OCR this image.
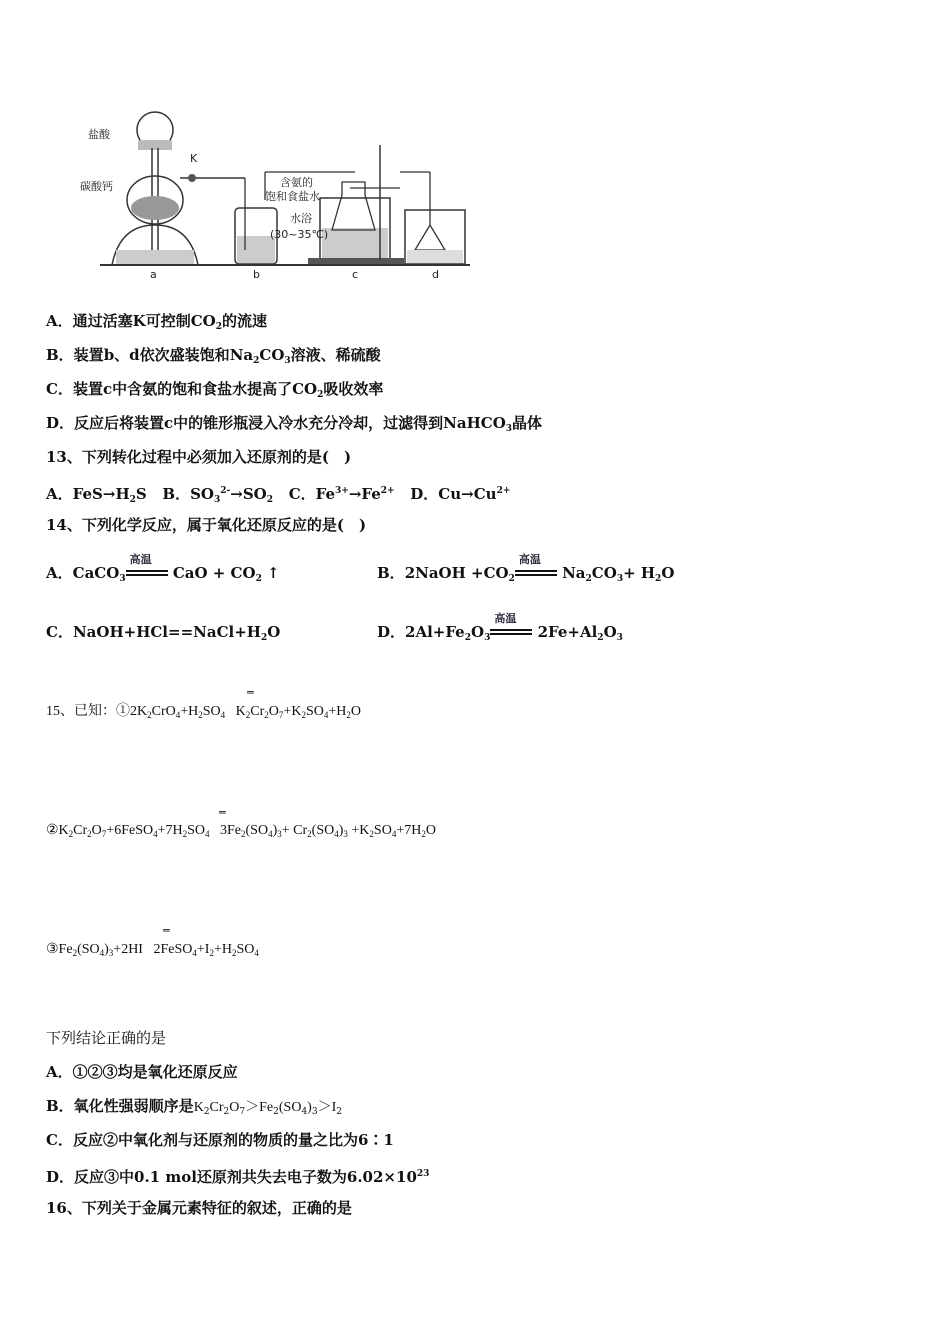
盐酸
碳酸钙
K
含氨的
饱和食盐水
水浴
(30~35℃)
a	b	c	d
A．通过活塞K可控制$CO_2$的流速
B．装置b、d依次盛装饱和$Na_2CO_3$溶液、稀硫酸
C．装置c中含氨的饱和食盐水提高了$CO_2$吸收效率
D．反应后将装置c中的锥形瓶浸入冷水充分冷却，过滤得到NaHCO$_3$晶体
13、下列转化过程中必须加入还原剂的是(　)
A．$FeS\to H_2S$ B．$SO_3^{2-}\to SO_2$ C．$Fe^{3+}\to Fe^{2+}$ D．$Cu\to Cu^{2+}$
14、下列化学反应，属于氧化还原反应的是(　)
A．CaCO$_3$
高温
CaO + $CO_2$ ↑	B．2NaOH $+CO_2$
高温
$Na_2CO_3+ H_2O$
C．$NaOH+HCl==NaCl+H_2O$	D．$2Al+Fe_2O_3$
高温
$2Fe+Al_2O_3$
═
15、已知：$①2K_2CrO_4+H_2SO_4$ $K_2Cr_2O_7+K_2SO_4+H_2O$
═
$②K_2Cr_2O_7+6FeSO_4+7H_2SO_4$ $3Fe_2(SO_4)_3+ Cr_2(SO_4)_3 +K_2SO_4+7H_2O$
═
$③Fe_2(SO_4)_3+2HI$ $2FeSO_4+I_2+H_2SO_4$
下列结论正确的是
A．①②③均是氧化还原反应
B．氧化性强弱顺序是$K_2Cr_2O_7>Fe_2(SO_4)_3>I_2$
C．反应②中氧化剂与还原剂的物质的量之比为6∶1
D．反应③中0.1 mol还原剂共失去电子数为$6.02\times 10^{23}$
16、下列关于金属元素特征的叙述，正确的是
